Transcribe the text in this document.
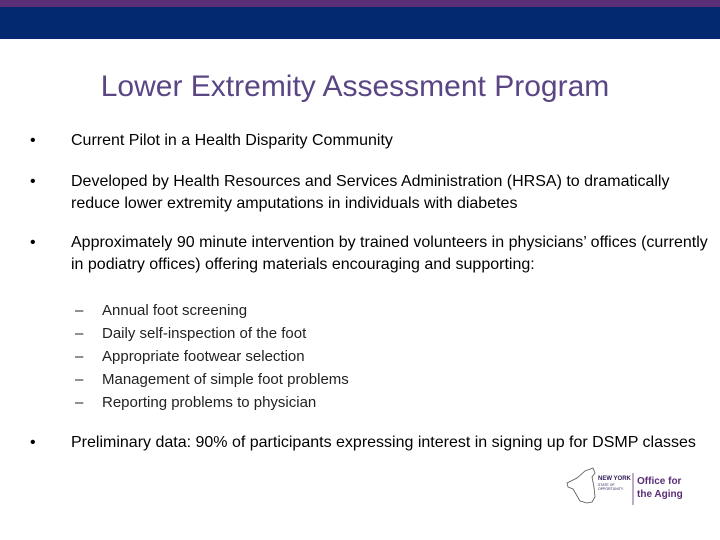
Lower Extremity Assessment Program
• Current Pilot in a Health Disparity Community
• Developed by Health Resources and Services Administration (HRSA) to dramatically reduce lower extremity amputations in individuals with diabetes
• Approximately 90 minute intervention by trained volunteers in physicians’ offices (currently in podiatry offices) offering materials encouraging and supporting:
– Annual foot screening
– Daily self-inspection of the foot
– Appropriate footwear selection
– Management of simple foot problems
– Reporting problems to physician
• Preliminary data: 90% of participants expressing interest in signing up for DSMP classes
NEW YORK
STATE OF
OPPORTUNITY.
Office for
the Aging
